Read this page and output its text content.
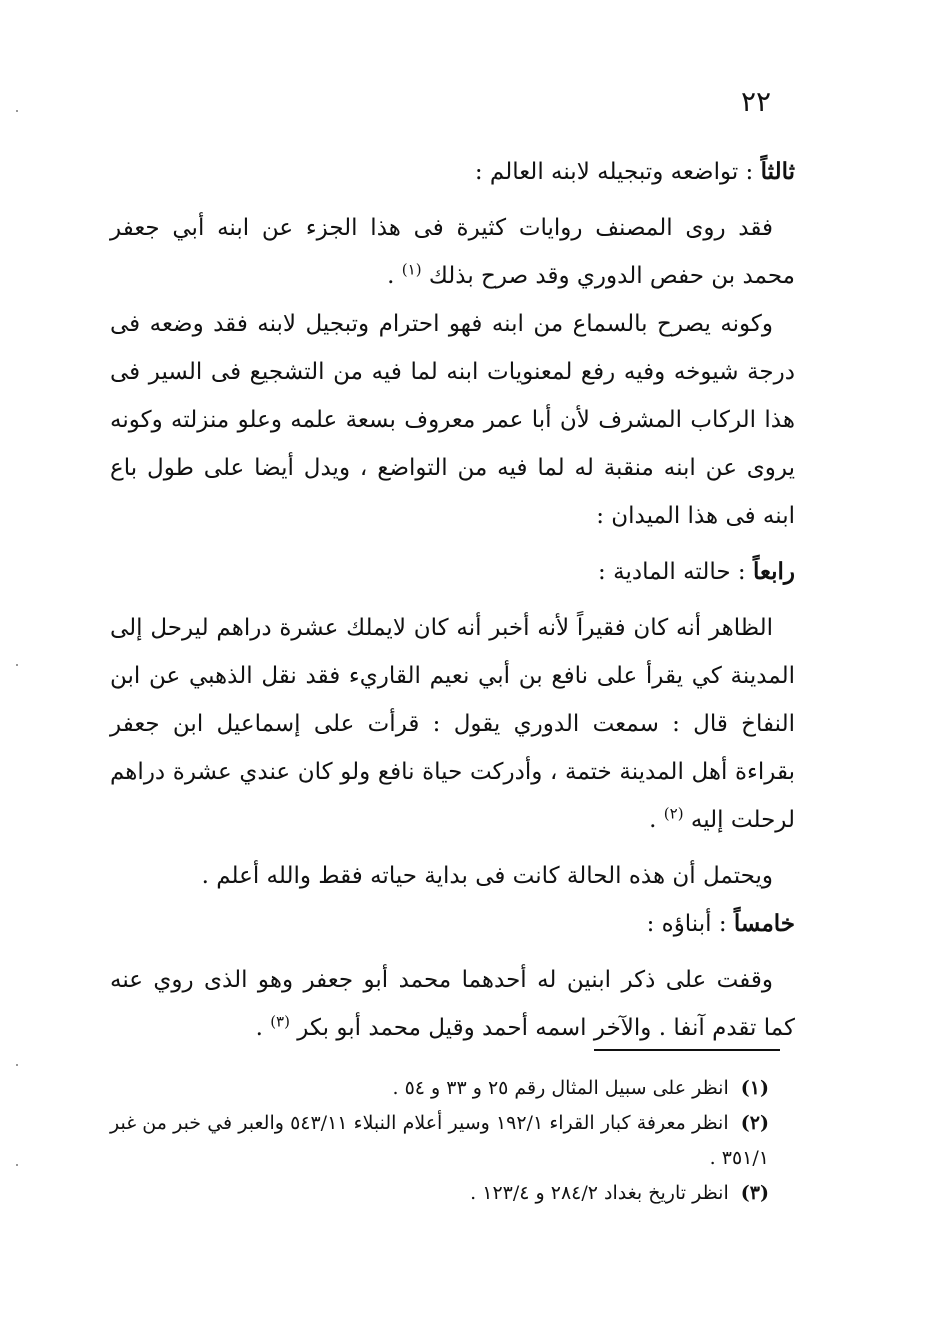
٢٢

ثالثاً : تواضعه وتبجيله لابنه العالم :

فقد روى المصنف روايات كثيرة فى هذا الجزء عن ابنه أبي جعفر محمد بن حفص الدوري وقد صرح بذلك $^{(١)}$ .

وكونه يصرح بالسماع من ابنه فهو احترام وتبجيل لابنه فقد وضعه فى درجة شيوخه وفيه رفع لمعنويات ابنه لما فيه من التشجيع فى السير فى هذا الركاب المشرف لأن أبا عمر معروف بسعة علمه وعلو منزلته وكونه يروى عن ابنه منقبة له لما فيه من التواضع ، ويدل أيضا على طول باع ابنه فى هذا الميدان :

رابعاً : حالته المادية :

الظاهر أنه كان فقيراً لأنه أخبر أنه كان لايملك عشرة دراهم ليرحل إلى المدينة كي يقرأ على نافع بن أبي نعيم القاريء فقد نقل الذهبي عن ابن النفاخ قال : سمعت الدوري يقول : قرأت على إسماعيل ابن جعفر بقراءة أهل المدينة ختمة ، وأدركت حياة نافع ولو كان عندي عشرة دراهم لرحلت إليه $^{(٢)}$ .

ويحتمل أن هذه الحالة كانت فى بداية حياته فقط والله أعلم .

خامساً : أبناؤه :

وقفت على ذكر ابنين له أحدهما محمد أبو جعفر وهو الذى روي عنه كما تقدم آنفا . والآخر اسمه أحمد وقيل محمد أبو بكر $^{(٣)}$ .

(١) انظر على سبيل المثال رقم ٢٥ و ٣٣ و ٥٤ .

(٢) انظر معرفة كبار القراء ١٩٢/١ وسير أعلام النبلاء ٥٤٣/١١ والعبر في خبر من غبر ٣٥١/١ .

(٣) انظر تاريخ بغداد ٢٨٤/٢ و ١٢٣/٤ .
